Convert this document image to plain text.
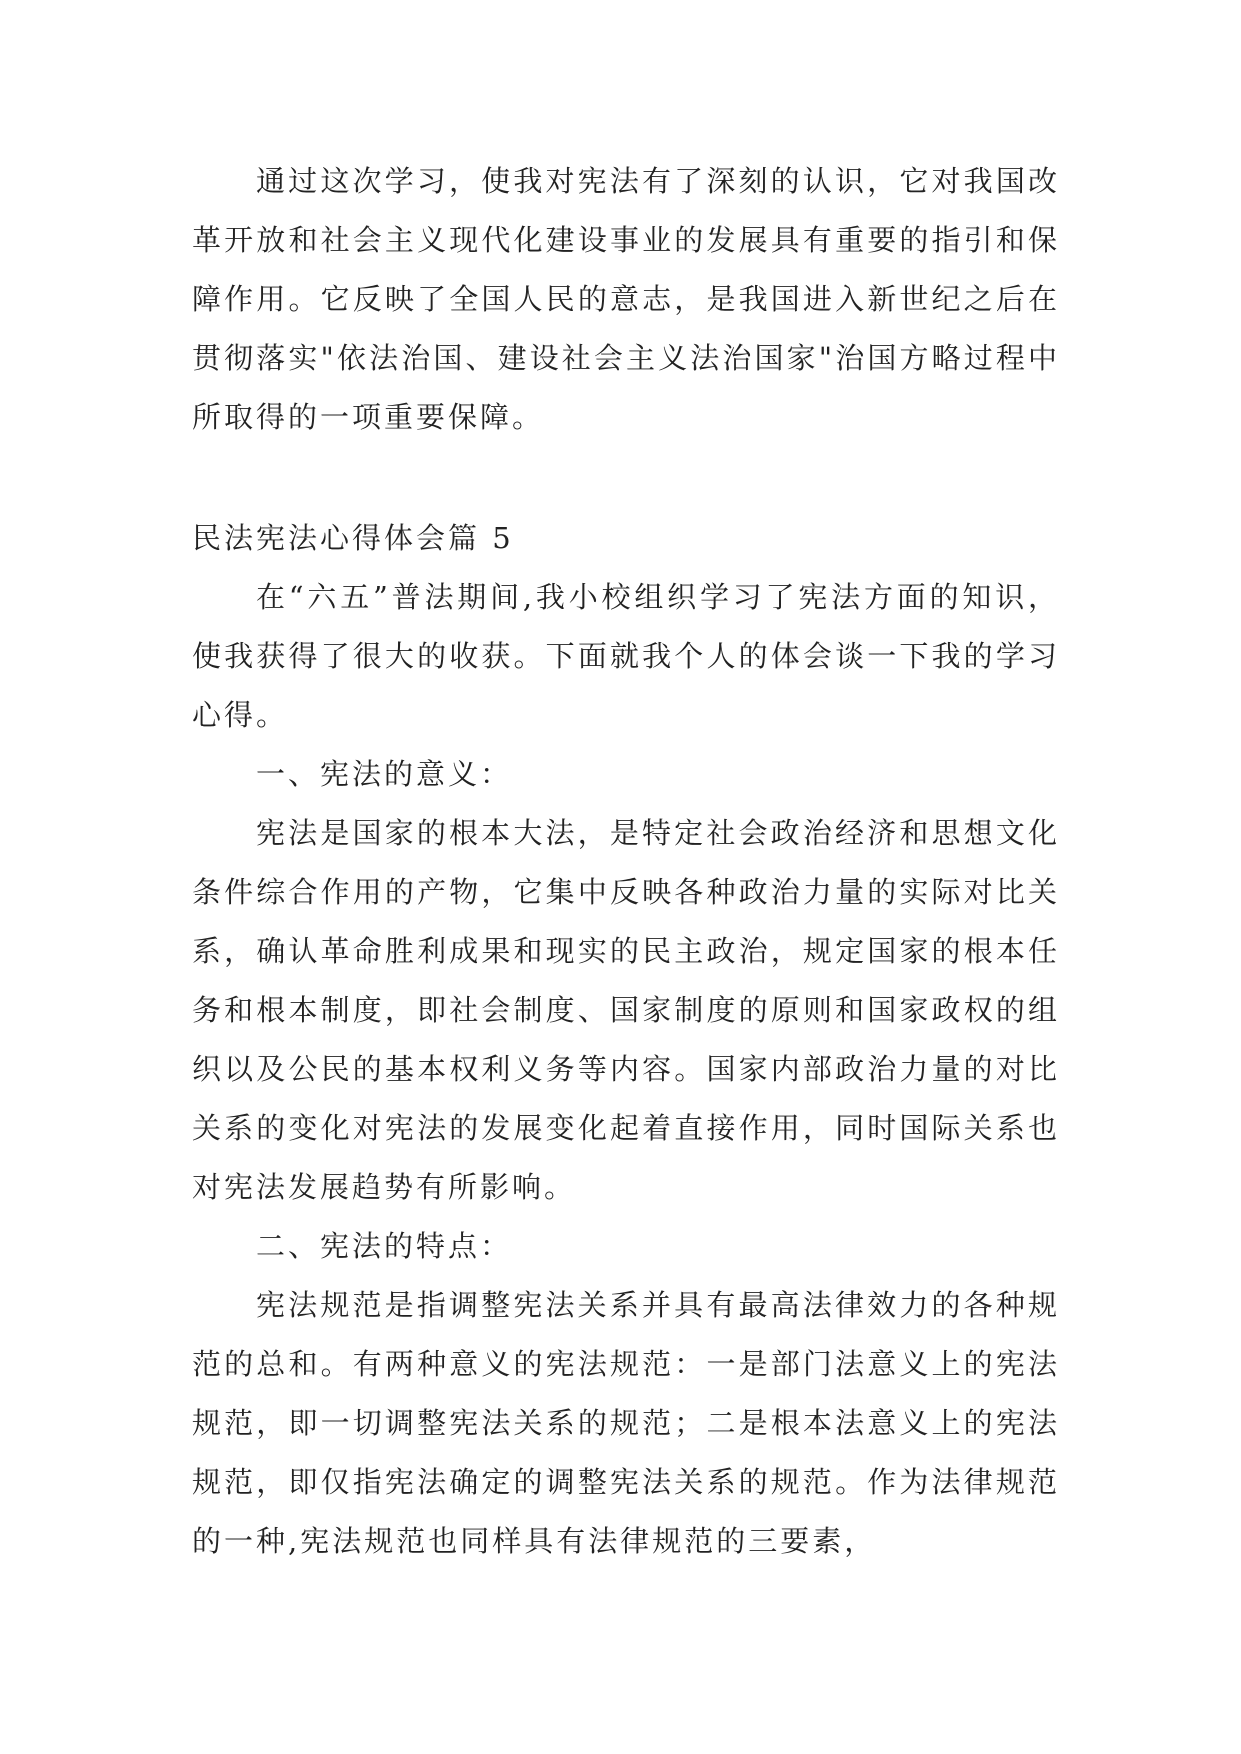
通过这次学习，使我对宪法有了深刻的认识，它对我国改革开放和社会主义现代化建设事业的发展具有重要的指引和保障作用。它反映了全国人民的意志，是我国进入新世纪之后在贯彻落实"依法治国、建设社会主义法治国家"治国方略过程中所取得的一项重要保障。

民法宪法心得体会篇 5

在“六五”普法期间,我小校组织学习了宪法方面的知识，使我获得了很大的收获。下面就我个人的体会谈一下我的学习心得。

一、宪法的意义：

宪法是国家的根本大法，是特定社会政治经济和思想文化条件综合作用的产物，它集中反映各种政治力量的实际对比关系，确认革命胜利成果和现实的民主政治，规定国家的根本任务和根本制度，即社会制度、国家制度的原则和国家政权的组织以及公民的基本权利义务等内容。国家内部政治力量的对比关系的变化对宪法的发展变化起着直接作用，同时国际关系也对宪法发展趋势有所影响。

二、宪法的特点：

宪法规范是指调整宪法关系并具有最高法律效力的各种规范的总和。有两种意义的宪法规范：一是部门法意义上的宪法规范，即一切调整宪法关系的规范；二是根本法意义上的宪法规范，即仅指宪法确定的调整宪法关系的规范。作为法律规范的一种,宪法规范也同样具有法律规范的三要素，
